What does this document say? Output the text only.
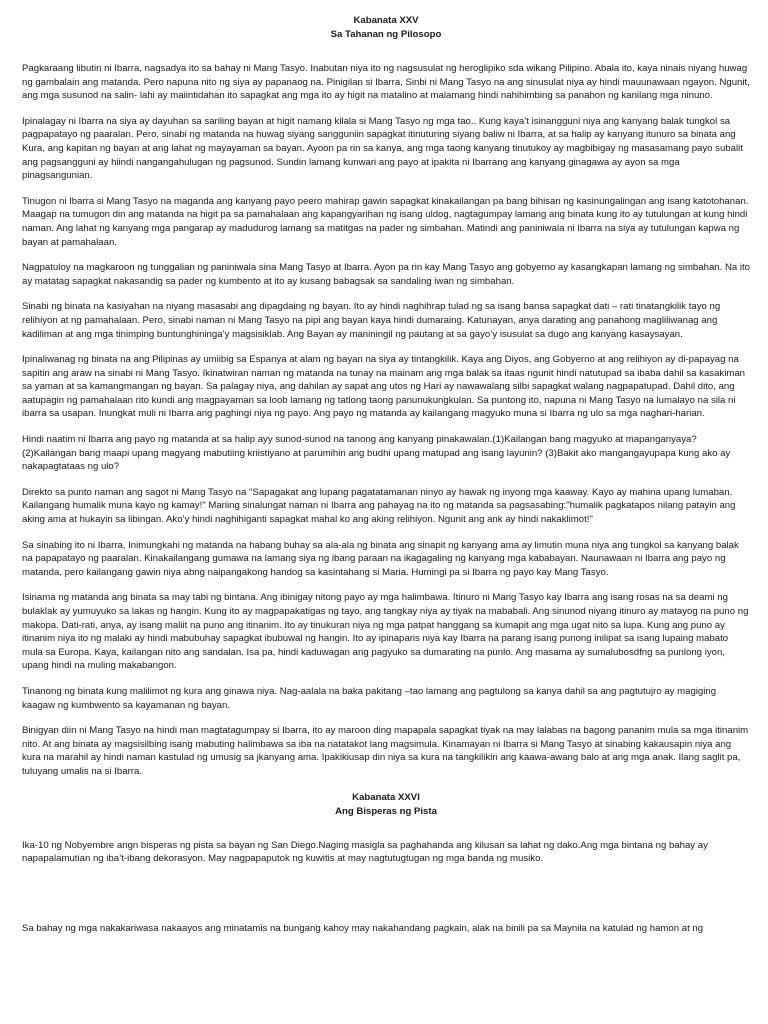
Kabanata XXV
Sa Tahanan ng Pilosopo

Pagkaraang libutin ni Ibarra, nagsadya ito sa bahay ni Mang Tasyo. Inabutan niya ito ng nagsusulat ng heroglipiko sda wikang Pilipino. Abala ito, kaya ninais niyang huwag ng gambalain ang matanda. Pero napuna nito ng siya ay papanaog na. Pinigilan si Ibarra, Sinbi ni Mang Tasyo na ang sinusulat niya ay hindi mauunawaan ngayon. Ngunit, ang mga susunod na salin- lahi ay maiintidahan ito sapagkat ang mga ito ay higit na matalino at malamang hindi nahihimbing sa panahon ng kanilang mga ninuno.

Ipinalagay ni Ibarra na siya ay dayuhan sa sariling bayan at higit namang kilala si Mang Tasyo ng mga tao.. Kung kaya’t isinangguni niya ang kanyang balak tungkol sa pagpapatayo ng paaralan. Pero, sinabi ng matanda na huwag siyang sangguniin sapagkat itinuturing siyang baliw ni Ibarra, at sa halip ay kanyang itunuro sa binata ang Kura, ang kapitan ng bayan at ang lahat ng mayayaman sa bayan. Ayoon pa rin sa kanya, ang mga taong kanyang tinutukoy ay magbibigay ng masasamang payo subalit ang pagsangguni ay hiindi nangangahulugan ng pagsunod. Sundin lamang kunwari ang payo at ipakita ni Ibarrang ang kanyang ginagawa ay ayon sa mga pinagsangunian.

Tinugon ni Ibarra si Mang Tasyo na maganda ang kanyang payo peero mahirap gawin sapagkat kinakailangan pa bang bihisan ng kasinungalingan ang isang katotohanan. Maagap na tumugon din ang matanda na higit pa sa pamahalaan ang kapangyarihan ng isang uldog, nagtagumpay lamang ang binata kung ito ay tutulungan at kung hindi naman. Ang lahat ng kanyang mga pangarap ay madudurog lamang sa matitgas na pader ng simbahan. Matindi ang paniniwala ni Ibarra na siya ay tutulungan kapwa ng bayan at pamahalaan.

Nagpatuloy na magkaroon ng tunggalian ng paniniwala sina Mang Tasyo at Ibarra. Ayon pa rin kay Mang Tasyo ang gobyerno ay kasangkapan lamang ng simbahan. Na ito ay matatag sapagkat nakasandig sa pader ng kumbento at ito ay kusang babagsak sa sandaling iwan ng simbahan.

Sinabi ng binata na kasiyahan na niyang masasabi ang dipagdaing ng bayan. Ito ay hindi naghihrap tulad ng sa isang bansa sapagkat dati – rati tinatangkilik tayo ng relihiyon at ng pamahalaan. Pero, sinabi naman ni Mang Tasyo na pipi ang bayan kaya hindi dumaraing. Katunayan, anya darating ang panahong magliliwanag ang kadiliman at ang mga tinimping buntunghiningа’y magsisiklab. Ang Bayan ay maniningil ng pautang at sa gayo’y isusulat sa dugo ang kanyang kasaysayan.

Ipinaliwanag ng binata na ang Pilipinas ay umiibig sa Espanya at alam ng bayan na siya ay tintangkilik. Kaya ang Diyos, ang Gobyerno at ang relihiyon ay di-papayag na sapitin ang araw na sinabi ni Mang Tasyo. Ikinatwiran naman ng matanda na tunay na mainam ang mga balak sa itaas ngunit hindi natutupad sa ibaba dahil sa kasakiman sa yaman at sa kamangmangan ng bayan. Sa palagay niya, ang dahilan ay sapat ang utos ng Hari ay nawawalang silbi sapagkat walang nagpapatupad. Dahil dito, ang aatupagin ng pamahalaan rito kundi ang magpayaman sa loob lamang ng tatlong taong panunukungkulan. Sa puntong ito, napuna ni Mang Tasyo na lumalayo na sila ni ibarra sa usapan. Inungkat muli ni Ibarra ang paghingi niya ng payo. Ang payo ng matanda ay kailangang magyuko muna si Ibarra ng ulo sa mga naghari-harian.

Hindi naatim ni Ibarra ang payo ng matanda at sa halip ayy sunod-sunod na tanong ang kanyang pinakawalan.(1)Kailangan bang magyuko at mapanganyaya?(2)Kailangan bang maapi upang magyang mabutiing kriistiyano at parumihin ang budhi upang matupad ang isang layunin? (3)Bakit ako mangangayupapa kung ako ay nakapagtataas ng ulo?

Direkto sa punto naman ang sagot ni Mang Tasyo na "Sapagakat ang lupang pagatatamanan ninyo ay hawak ng inyong mga kaaway. Kayo ay mahina upang lumaban. Kailangang humalik muna kayo ng kamay!" Mariing sinalungat naman ni Ibarra ang pahayag na ito ng matanda sa pagsasabing:"humalik pagkatapos nilang patayin ang aking ama at hukayin sa libingan. Ako’y hindi naghihiganti sapagkat mahal ko ang aking relihiyon. Ngunit ang ank ay hindi nakaklimot!"

Sa sinabing ito ni Ibarra, Inimungkahi ng matanda na habang buhay sa ala-ala ng binata ang sinapit ng kanyang ama ay limutin muna niya ang tungkol sa kanyang balak na papapatayo ng paaralan. Kinakailangang gumawa na lamang siya ng ibang paraan na ikagagaling ng kanyang mga kababayan. Naunawaan ni Ibarra ang payo ng matanda, pero kailangang gawin niya abng naipangakong handog sa kasintahang si Maria. Humingi pa si Ibarra ng payo kay Mang Tasyo.

Isinama ng matanda ang binata sa may tabi ng bintana. Ang ibinigay nitong payo ay mga halimbawa. Itinuro ni Mang Tasyo kay Ibarra ang isang rosas na sa deami ng bulaklak ay yumuyuko sa lakas ng hangin. Kung ito ay magpapakatigas ng tayo, ang tangkay niya ay tiyak na mababali. Ang sinunod niyang itinuro ay matayog na puno ng makopa. Dati-rati, anya, ay isang maliit na puno ang itinanim. Ito ay tinukuran niya ng mga patpat hanggang sa kumapit ang mga ugat nito sa lupa. Kung ang puno ay itinanim niya ito ng malaki ay hindi mabubuhay sapagkat ibubuwal ng hangin. Ito ay ipinaparis niya kay Ibarra na parang isang punong inilipat sa isang lupaing mabato mula sa Europa. Kaya, kailangan nito ang sandalan. Isa pa, hindi kaduwagan ang pagyuko sa dumarating na punlo. Ang masama ay sumalubosdfng sa punlong iyon, upang hindi na muling makabangon.

Tinanong ng binata kung malilimot ng kura ang ginawa niya. Nag-aalala na baka pakitang –tao lamang ang pagtulong sa kanya dahil sa ang pagtutujro ay magiging kaagaw ng kumbwento sa kayamanan ng bayan.

Binigyan diin ni Mang Tasyo na hindi man magtatagumpay si Ibarra, ito ay maroon ding mapapala sapagkat tiyak na may lalabas na bagong pananim mula sa mga itinanim nito. At ang binata ay magsisilbing isang mabuting halimbawa sa iba na natatakot lang magsimula. Kinamayan ni Ibarra si Mang Tasyo at sinabing kakausapin niya ang kura na marahil ay hindi naman kastulad ng umusig sa jkanyang ama. Ipakikiusap din niya sa kura na tangkilikin ang kaawa-awang balo at ang mga anak. Ilang saglit pa, tuluyang umalis na si Ibarra.

Kabanata XXVI
Ang Bisperas ng Pista

Ika-10 ng Nobyembre angn bisperas ng pista sa bayan ng San Diego.Naging masigla sa paghahanda ang kilusan sa lahat ng dako.Ang mga bintana ng bahay ay napapalamutian ng iba’t-ibang dekorasyon. May nagpapaputok ng kuwitis at may nagtutugtugan ng mga banda ng musiko.

Sa bahay ng mga nakakariwasa nakaayos ang minatamis na bungang kahoy may nakahandang pagkain, alak na binili pa sa Maynila na katulad ng hamon at ng
